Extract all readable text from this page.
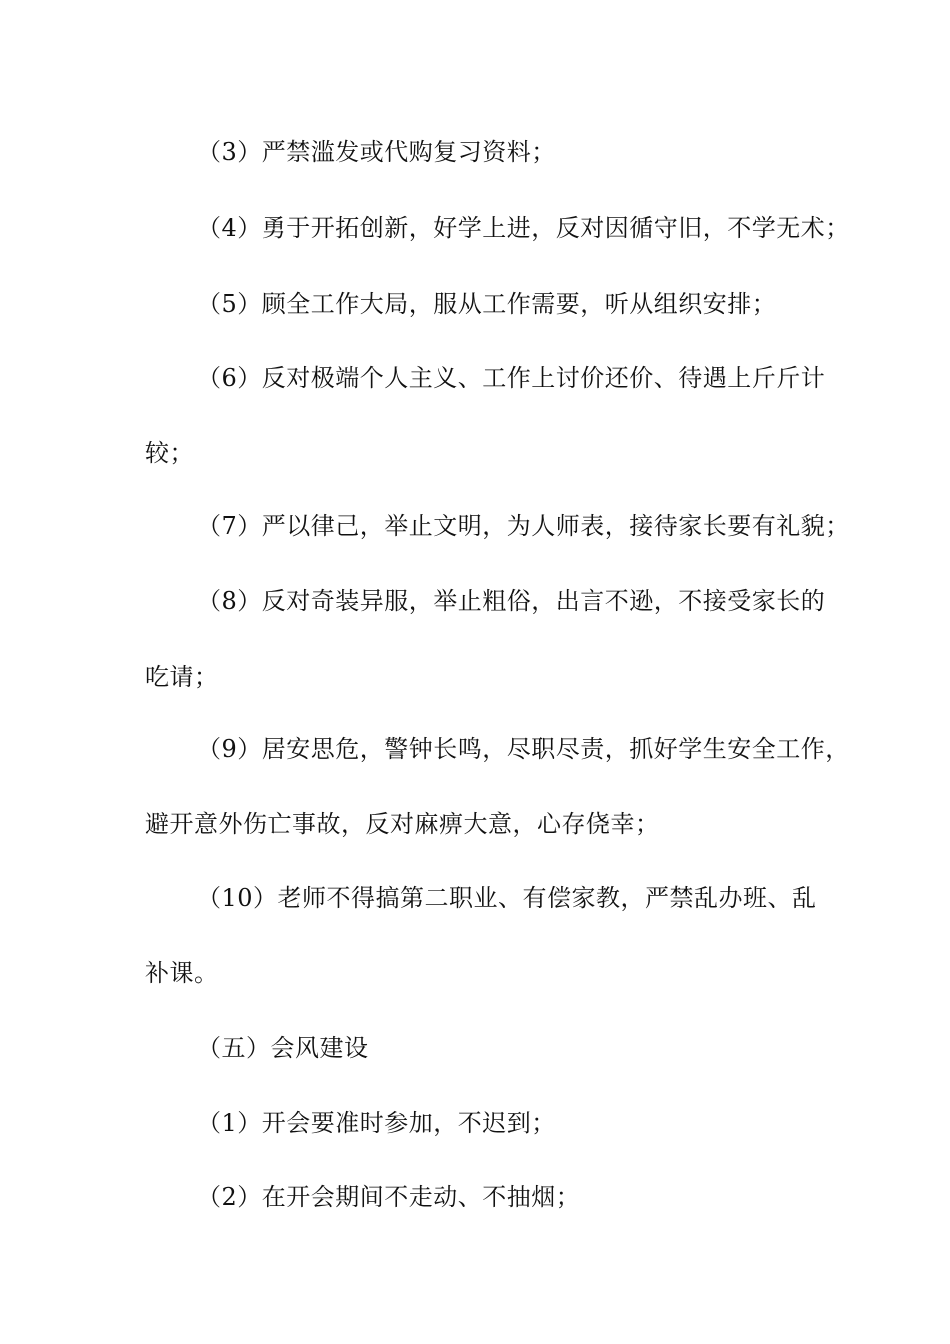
（3）严禁滥发或代购复习资料；
（4）勇于开拓创新，好学上进，反对因循守旧，不学无术；
（5）顾全工作大局，服从工作需要，听从组织安排；
（6）反对极端个人主义、工作上讨价还价、待遇上斤斤计
较；
（7）严以律己，举止文明，为人师表，接待家长要有礼貌；
（8）反对奇装异服，举止粗俗，出言不逊，不接受家长的
吃请；
（9）居安思危，警钟长鸣，尽职尽责，抓好学生安全工作，
避开意外伤亡事故，反对麻痹大意，心存侥幸；
（10）老师不得搞第二职业、有偿家教，严禁乱办班、乱
补课。
（五）会风建设
（1）开会要准时参加，不迟到；
（2）在开会期间不走动、不抽烟；
